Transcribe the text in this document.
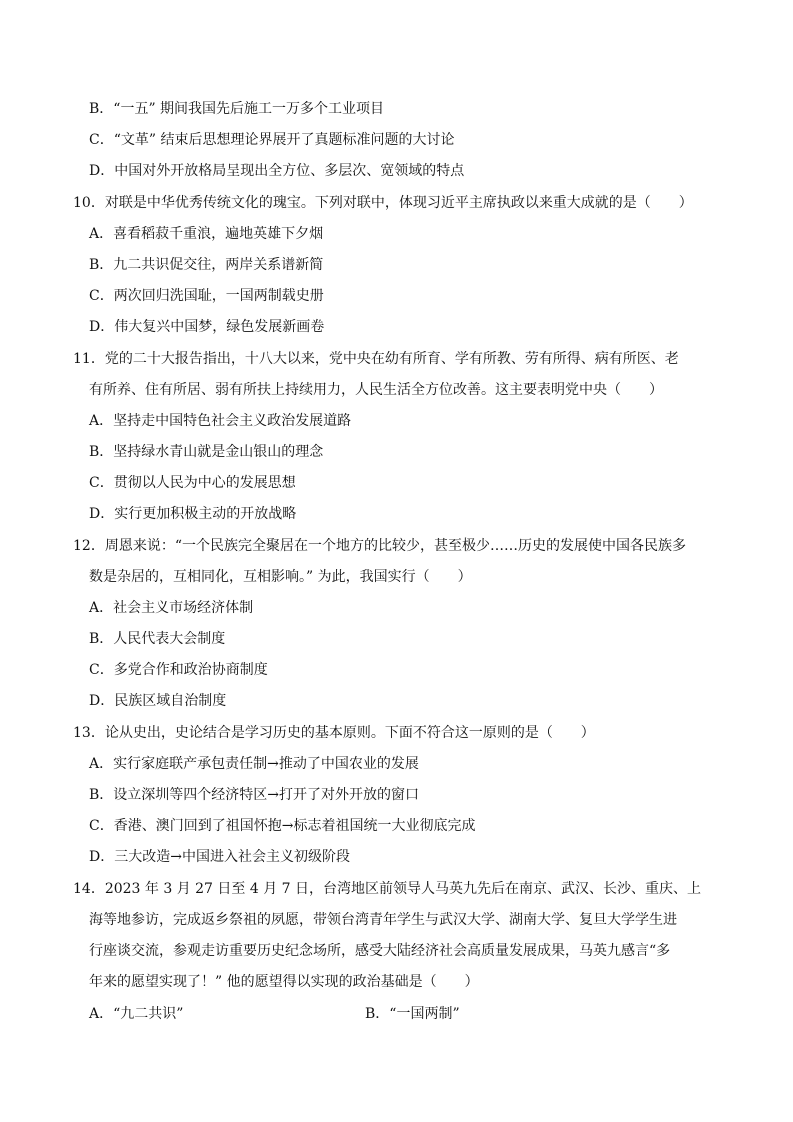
B．“一五” 期间我国先后施工一万多个工业项目
C．“文革” 结束后思想理论界展开了真题标准问题的大讨论
D．中国对外开放格局呈现出全方位、多层次、宽领域的特点
10．对联是中华优秀传统文化的瑰宝。下列对联中，体现习近平主席执政以来重大成就的是（　　）
A．喜看稻菽千重浪，遍地英雄下夕烟
B．九二共识促交往，两岸关系谱新简
C．两次回归洗国耻，一国两制载史册
D．伟大复兴中国梦，绿色发展新画卷
11．党的二十大报告指出，十八大以来，党中央在幼有所育、学有所教、劳有所得、病有所医、老
有所养、住有所居、弱有所扶上持续用力，人民生活全方位改善。这主要表明党中央（　　）
A．坚持走中国特色社会主义政治发展道路
B．坚持绿水青山就是金山银山的理念
C．贯彻以人民为中心的发展思想
D．实行更加积极主动的开放战略
12．周恩来说：“一个民族完全聚居在一个地方的比较少，甚至极少……历史的发展使中国各民族多
数是杂居的，互相同化，互相影响。” 为此，我国实行（　　）
A．社会主义市场经济体制
B．人民代表大会制度
C．多党合作和政治协商制度
D．民族区域自治制度
13．论从史出，史论结合是学习历史的基本原则。下面不符合这一原则的是（　　）
A．实行家庭联产承包责任制→推动了中国农业的发展
B．设立深圳等四个经济特区→打开了对外开放的窗口
C．香港、澳门回到了祖国怀抱→标志着祖国统一大业彻底完成
D．三大改造→中国进入社会主义初级阶段
14．2023 年 3 月 27 日至 4 月 7 日，台湾地区前领导人马英九先后在南京、武汉、长沙、重庆、上
海等地参访，完成返乡祭祖的夙愿，带领台湾青年学生与武汉大学、湖南大学、复旦大学学生进
行座谈交流，参观走访重要历史纪念场所，感受大陆经济社会高质量发展成果，马英九感言“多
年来的愿望实现了！” 他的愿望得以实现的政治基础是（　　）
A．“九二共识”	B．“一国两制”
